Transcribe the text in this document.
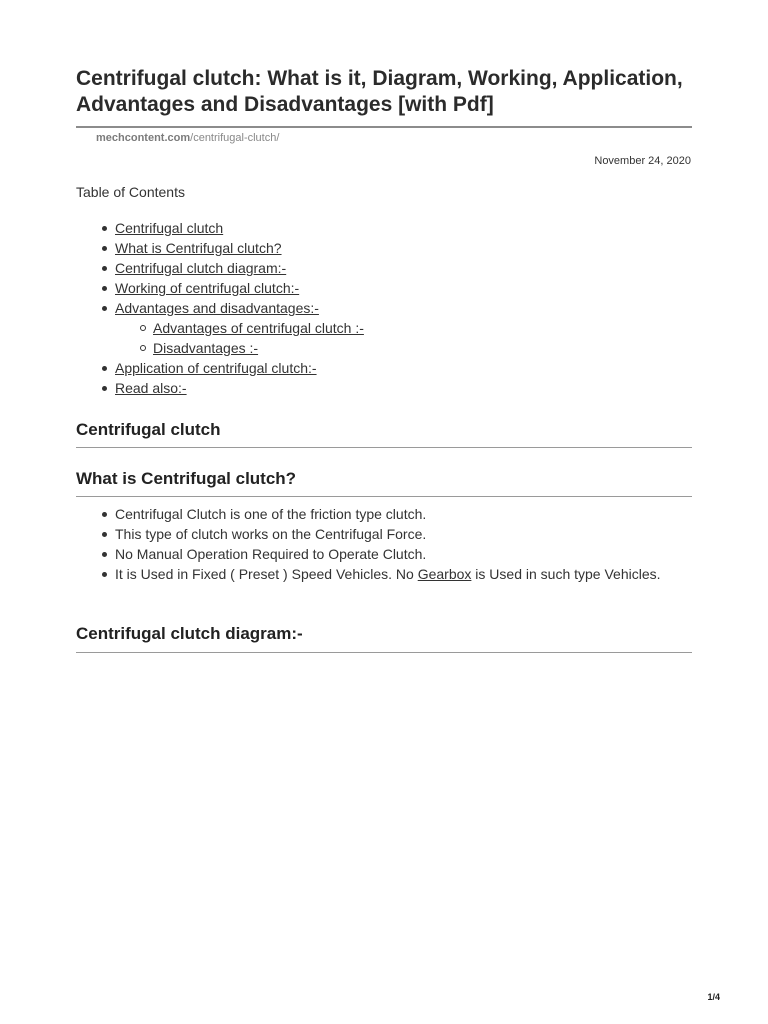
Centrifugal clutch: What is it, Diagram, Working, Application, Advantages and Disadvantages [with Pdf]
mechcontent.com/centrifugal-clutch/
November 24, 2020
Table of Contents
Centrifugal clutch
What is Centrifugal clutch?
Centrifugal clutch diagram:-
Working of centrifugal clutch:-
Advantages and disadvantages:-
Advantages of centrifugal clutch :-
Disadvantages :-
Application of centrifugal clutch:-
Read also:-
Centrifugal clutch
What is Centrifugal clutch?
Centrifugal Clutch is one of the friction type clutch.
This type of clutch works on the Centrifugal Force.
No Manual Operation Required to Operate Clutch.
It is Used in Fixed ( Preset ) Speed Vehicles. No Gearbox is Used in such type Vehicles.
Centrifugal clutch diagram:-
1/4
